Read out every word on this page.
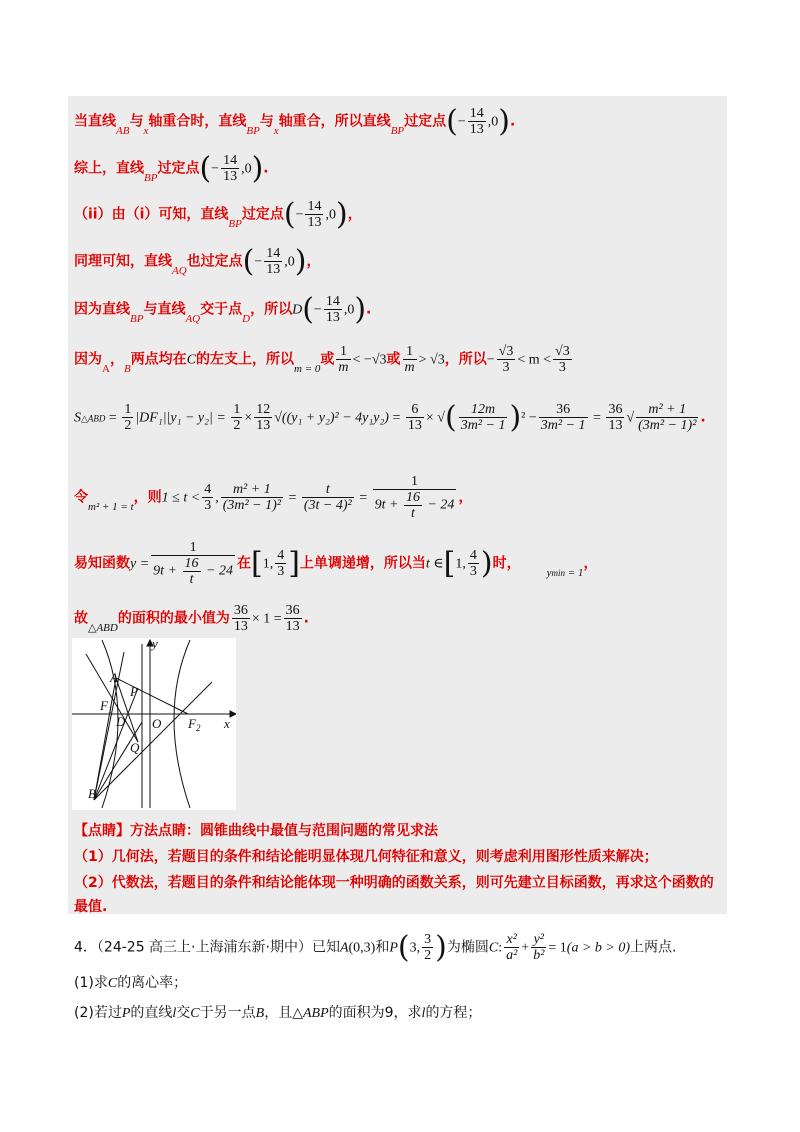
当直线$_{AB}$与$_x$轴重合时，直线$_{BP}$与$_x$轴重合，所以直线$_{BP}$过定点(− $\frac{14}{13} ,0$).
综上，直线$_{BP}$过定点(− $\frac{14}{13} ,0$).
（ii）由（i）可知，直线$_{BP}$过定点(− $\frac{14}{13} ,0$)，
同理可知，直线$_{AQ}$也过定点(− $\frac{14}{13} ,0$)，
因为直线$_{BP}$与直线$_{AQ}$交于点$_D$，所以$D(- \frac{14}{13} ,0)$.
因为$_A$，$_B$两点均在C的左支上，所以$_{m = 0}$或 $\frac{1}{m} < -√3$或 $\frac{1}{m} > √3$，所以− $\frac{√3}{3} < m < \frac{√3}{3}$
S△ABD = $\frac{1}{2} |DF_1||y_1 - y_2| = \frac{1}{2} \times \frac{12}{13} √((y_1 + y_2)^2 - 4y_1y_2) = \frac{6}{13}$ × √( $\frac{12m}{\text{3m² − 1}} )^2 - \frac{36}{\text{3m² − 1}} = \frac{36}{13}$ √ $\frac{\text{m² + 1}}{\text{(3m² − 1)²}}$ .
令$_{m^2 + 1 = t}$，则$1 \le t < \frac{4}{3}$ , $\frac{\text{m² + 1}}{\text{(3m² − 1)²}} = \frac{t}{\text{(3t − 4)²}} = \frac{1}{9t + \frac{16}{t} - 24}$ ，
易知函数$y = \frac{1}{9t + \frac{16}{t} - 24}$ 在[1, $\frac{4}{3}$ ]上单调递增，所以当t ∈[1, $\frac{4}{3}$ )时，$_{ymin = 1}$，
故$_{\triangle ABD}$的面积的最小值为 $\frac{36}{13} \times 1 = \frac{36}{13}$ .
y
x
A
P
$F_1$
D O $F_2$
Q
B
【点睛】方法点睛：圆锥曲线中最值与范围问题的常见求法
（1）几何法，若题目的条件和结论能明显体现几何特征和意义，则考虑利用图形性质来解决；
（2）代数法，若题目的条件和结论能体现一种明确的函数关系，则可先建立目标函数，再求这个函数的
最值.
4．（24-25 高三上·上海浦东新·期中）已知A(0,3)和P(3, $\frac{3}{2}$ )为椭圆C: $\frac{\text{x²}}{\text{a²}} + \frac{\text{y²}}{\text{b²}} = 1(a > b > 0)$上两点.
(1)求C的离心率；
(2)若过P的直线l交C于另一点B，且△ABP的面积为9，求l的方程；
